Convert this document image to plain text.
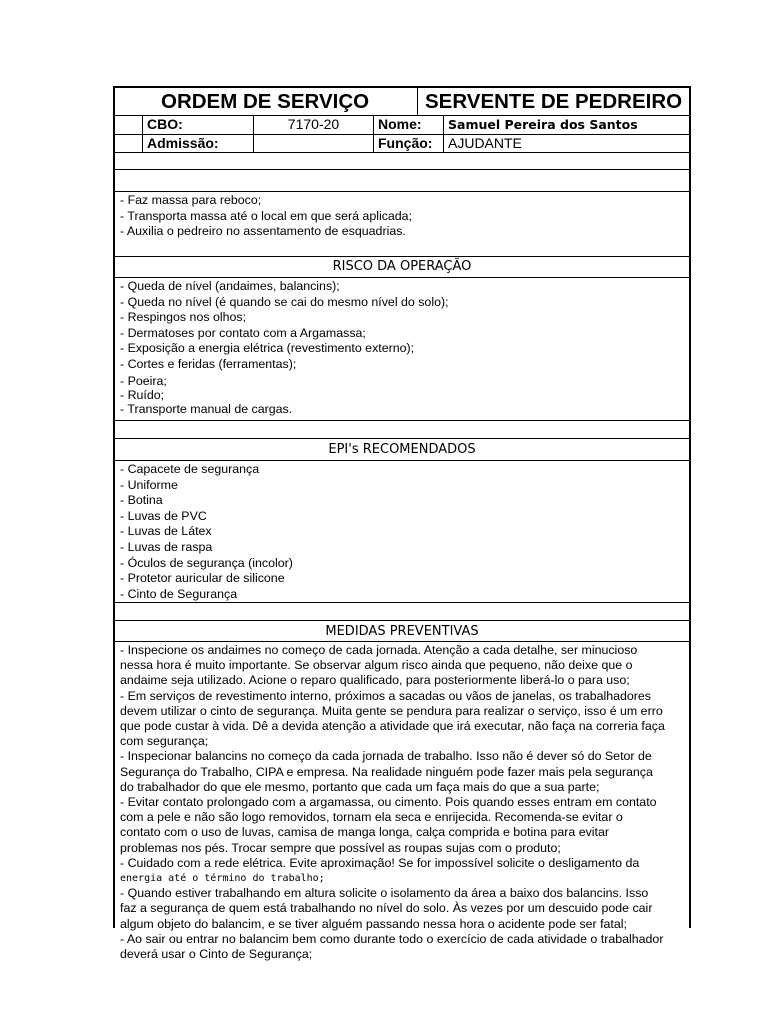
ORDEM DE SERVIÇO	SERVENTE DE PEDREIRO
CBO:	7170-20	Nome:	Samuel Pereira dos Santos
Admissão:	Função:	AJUDANTE
- Faz massa para reboco;
- Transporta massa até o local em que será aplicada;
- Auxilia o pedreiro no assentamento de esquadrias.
RISCO DA OPERAÇÃO
- Queda de nível (andaimes, balancins);
- Queda no nível (é quando se cai do mesmo nível do solo);
- Respingos nos olhos;
- Dermatoses por contato com a Argamassa;
- Exposição a energia elétrica (revestimento externo);
- Cortes e feridas (ferramentas);
- Poeira;
- Ruído;
- Transporte manual de cargas.
EPI's RECOMENDADOS
- Capacete de segurança
- Uniforme
- Botina
- Luvas de PVC
- Luvas de Látex
- Luvas de raspa
- Óculos de segurança (incolor)
- Protetor auricular de silicone
- Cinto de Segurança
MEDIDAS PREVENTIVAS
- Inspecione os andaimes no começo de cada jornada. Atenção a cada detalhe, ser minucioso
nessa hora é muito importante. Se observar algum risco ainda que pequeno, não deixe que o
andaime seja utilizado. Acione o reparo qualificado, para posteriormente liberá-lo o para uso;
- Em serviços de revestimento interno, próximos a sacadas ou vãos de janelas, os trabalhadores
devem utilizar o cinto de segurança. Muita gente se pendura para realizar o serviço, isso é um erro
que pode custar à vida. Dê a devida atenção a atividade que irá executar, não faça na correria faça
com segurança;
- Inspecionar balancins no começo da cada jornada de trabalho. Isso não é dever só do Setor de
Segurança do Trabalho, CIPA e empresa. Na realidade ninguém pode fazer mais pela segurança
do trabalhador do que ele mesmo, portanto que cada um faça mais do que a sua parte;
- Evitar contato prolongado com a argamassa, ou cimento. Pois quando esses entram em contato
com a pele e não são logo removidos, tornam ela seca e enrijecida. Recomenda-se evitar o
contato com o uso de luvas, camisa de manga longa, calça comprida e botina para evitar
problemas nos pés. Trocar sempre que possível as roupas sujas com o produto;
- Cuidado com a rede elétrica. Evite aproximação! Se for impossível solicite o desligamento da
energia até o término do trabalho;
- Quando estiver trabalhando em altura solicite o isolamento da área a baixo dos balancins. Isso
faz a segurança de quem está trabalhando no nível do solo. Às vezes por um descuido pode cair
algum objeto do balancim, e se tiver alguém passando nessa hora o acidente pode ser fatal;
- Ao sair ou entrar no balancim bem como durante todo o exercício de cada atividade o trabalhador
deverá usar o Cinto de Segurança;
